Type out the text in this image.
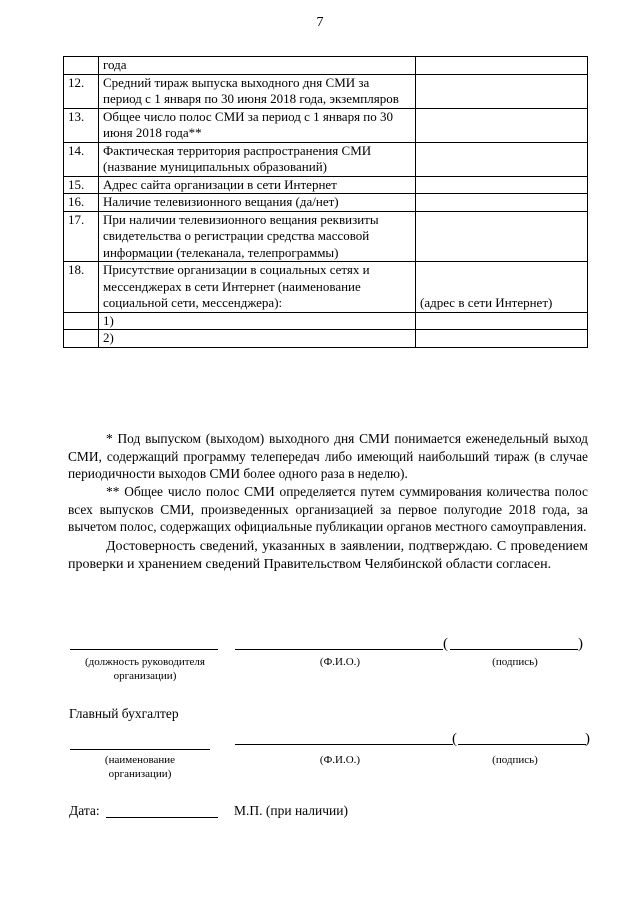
7
	года	
12.	Средний тираж выпуска выходного дня СМИ за период с 1 января по 30 июня 2018 года, экземпляров	
13.	Общее число полос СМИ за период с 1 января по 30 июня 2018 года**	
14.	Фактическая территория распространения СМИ (название муниципальных образований)	
15.	Адрес сайта организации в сети Интернет	
16.	Наличие телевизионного вещания (да/нет)	
17.	При наличии телевизионного вещания реквизиты свидетельства о регистрации средства массовой информации (телеканала, телепрограммы)	
18.	Присутствие организации в социальных сетях и мессенджерах в сети Интернет (наименование социальной сети, мессенджера):	(адрес в сети Интернет)
	1)	
	2)	

* Под выпуском (выходом) выходного дня СМИ понимается еженедельный выход СМИ, содержащий программу телепередач либо имеющий наибольший тираж (в случае периодичности выходов СМИ более одного раза в неделю).

** Общее число полос СМИ определяется путем суммирования количества полос всех выпусков СМИ, произведенных организацией за первое полугодие 2018 года, за вычетом полос, содержащих официальные публикации органов местного самоуправления.

Достоверность сведений, указанных в заявлении, подтверждаю. С проведением проверки и хранением сведений Правительством Челябинской области согласен.

(	)
(должность руководителя организации)
(Ф.И.О.)	(подпись)
Главный бухгалтер
(	)
(наименование организации)
(Ф.И.О.)	(подпись)
Дата:	М.П. (при наличии)
